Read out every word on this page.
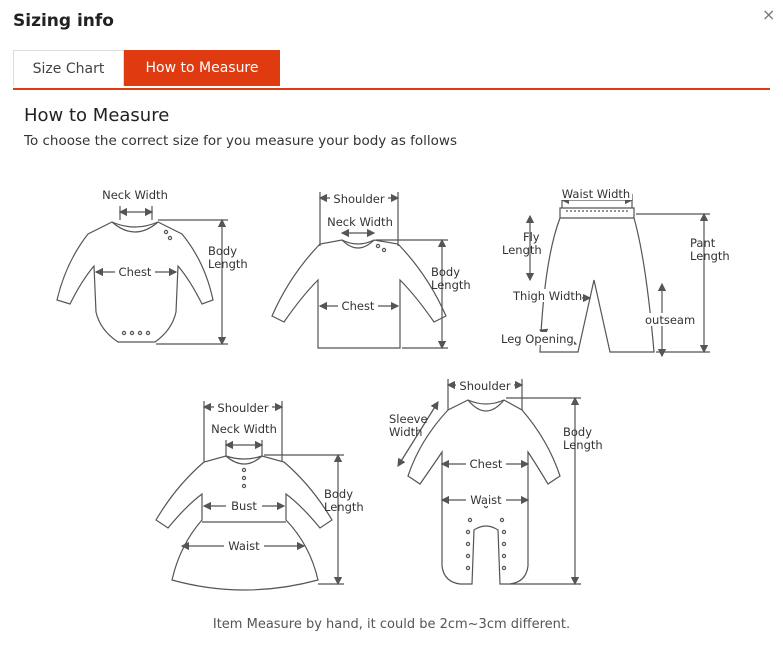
Sizing info	×
Size Chart	How to Measure
How to Measure
To choose the correct size for you measure your body as follows
Neck Width
Chest
Body
Length
Shoulder
Neck Width
Chest
Body
Length
Waist Width
Fly
Length	Pant
Length
Thigh Width
outseam
Leg Opening
Shoulder
Neck Width
Bust
Waist
Body
Length
Shoulder
Sleeve
Width
Chest
Waist
Body
Length
Item Measure by hand, it could be 2cm~3cm different.
